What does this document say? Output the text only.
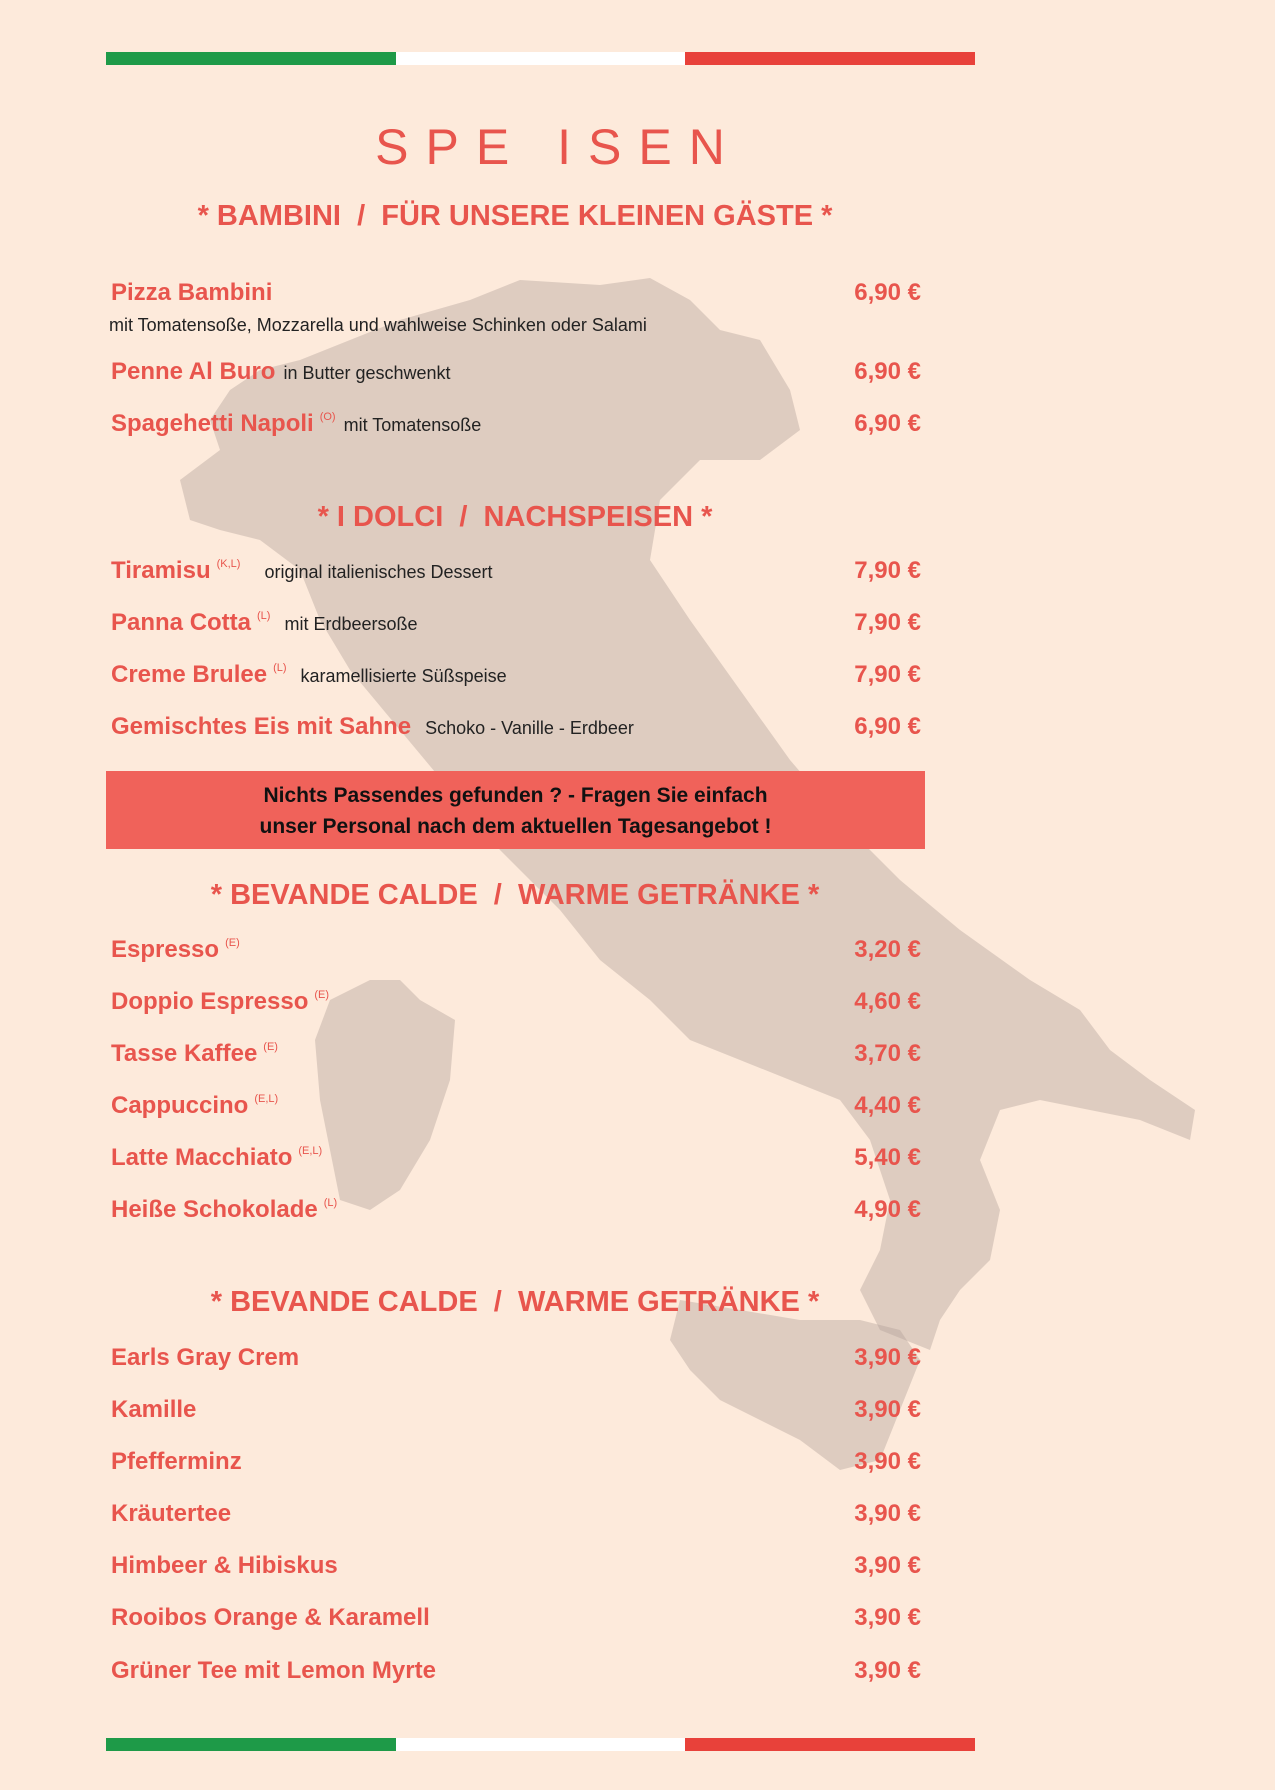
SPE ISEN
* BAMBINI  /  FÜR UNSERE KLEINEN GÄSTE *
Pizza Bambini	6,90 €
mit Tomatensoße, Mozzarella und wahlweise Schinken oder Salami
Penne Al Buro in Butter geschwenkt	6,90 €
Spagehetti Napoli $^{(O)}$ mit Tomatensoße	6,90 €
* I DOLCI  /  NACHSPEISEN *
Tiramisu $^{(K,L)}$ original italienisches Dessert	7,90 €
Panna Cotta $^{(L)}$ mit Erdbeersoße	7,90 €
Creme Brulee $^{(L)}$ karamellisierte Süßspeise	7,90 €
Gemischtes Eis mit Sahne Schoko - Vanille - Erdbeer	6,90 €
Nichts Passendes gefunden ? - Fragen Sie einfach
unser Personal nach dem aktuellen Tagesangebot !
* BEVANDE CALDE  /  WARME GETRÄNKE *
Espresso $^{(E)}$	3,20 €
Doppio Espresso $^{(E)}$	4,60 €
Tasse Kaffee $^{(E)}$	3,70 €
Cappuccino $^{(E,L)}$	4,40 €
Latte Macchiato $^{(E,L)}$	5,40 €
Heiße Schokolade $^{(L)}$	4,90 €
* BEVANDE CALDE  /  WARME GETRÄNKE *
Earls Gray Crem	3,90 €
Kamille	3,90 €
Pfefferminz	3,90 €
Kräutertee	3,90 €
Himbeer & Hibiskus	3,90 €
Rooibos Orange & Karamell	3,90 €
Grüner Tee mit Lemon Myrte	3,90 €
